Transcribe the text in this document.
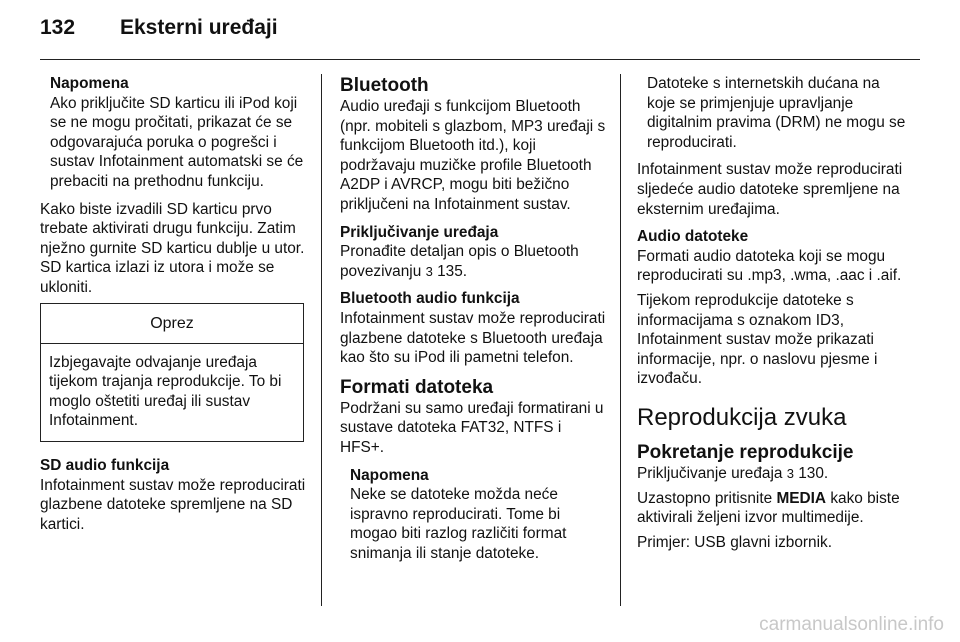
132 Eksterni uređaji
Napomena
Ako priključite SD karticu ili iPod koji se ne mogu pročitati, prikazat će se odgovarajuća poruka o pogrešci i sustav Infotainment automatski se će prebaciti na prethodnu funkciju.
Kako biste izvadili SD karticu prvo trebate aktivirati drugu funkciju. Zatim nježno gurnite SD karticu dublje u utor. SD kartica izlazi iz utora i može se ukloniti.
Oprez
Izbjegavajte odvajanje uređaja tijekom trajanja reprodukcije. To bi moglo oštetiti uređaj ili sustav Infotainment.
SD audio funkcija
Infotainment sustav može reproducirati glazbene datoteke spremljene na SD kartici.
Bluetooth
Audio uređaji s funkcijom Bluetooth (npr. mobiteli s glazbom, MP3 uređaji s funkcijom Bluetooth itd.), koji podržavaju muzičke profile Bluetooth A2DP i AVRCP, mogu biti bežično priključeni na Infotainment sustav.
Priključivanje uređaja
Pronađite detaljan opis o Bluetooth povezivanju 3 135.
Bluetooth audio funkcija
Infotainment sustav može reproducirati glazbene datoteke s Bluetooth uređaja kao što su iPod ili pametni telefon.
Formati datoteka
Podržani su samo uređaji formatirani u sustave datoteka FAT32, NTFS i HFS+.
Napomena
Neke se datoteke možda neće ispravno reproducirati. Tome bi mogao biti razlog različiti format snimanja ili stanje datoteke.
Datoteke s internetskih dućana na koje se primjenjuje upravljanje digitalnim pravima (DRM) ne mogu se reproducirati.
Infotainment sustav može reproducirati sljedeće audio datoteke spremljene na eksternim uređajima.
Audio datoteke
Formati audio datoteka koji se mogu reproducirati su .mp3, .wma, .aac i .aif.
Tijekom reprodukcije datoteke s informacijama s oznakom ID3, Infotainment sustav može prikazati informacije, npr. o naslovu pjesme i izvođaču.
Reprodukcija zvuka
Pokretanje reprodukcije
Priključivanje uređaja 3 130.
Uzastopno pritisnite MEDIA kako biste aktivirali željeni izvor multimedije.
Primjer: USB glavni izbornik.
carmanualsonline.info
